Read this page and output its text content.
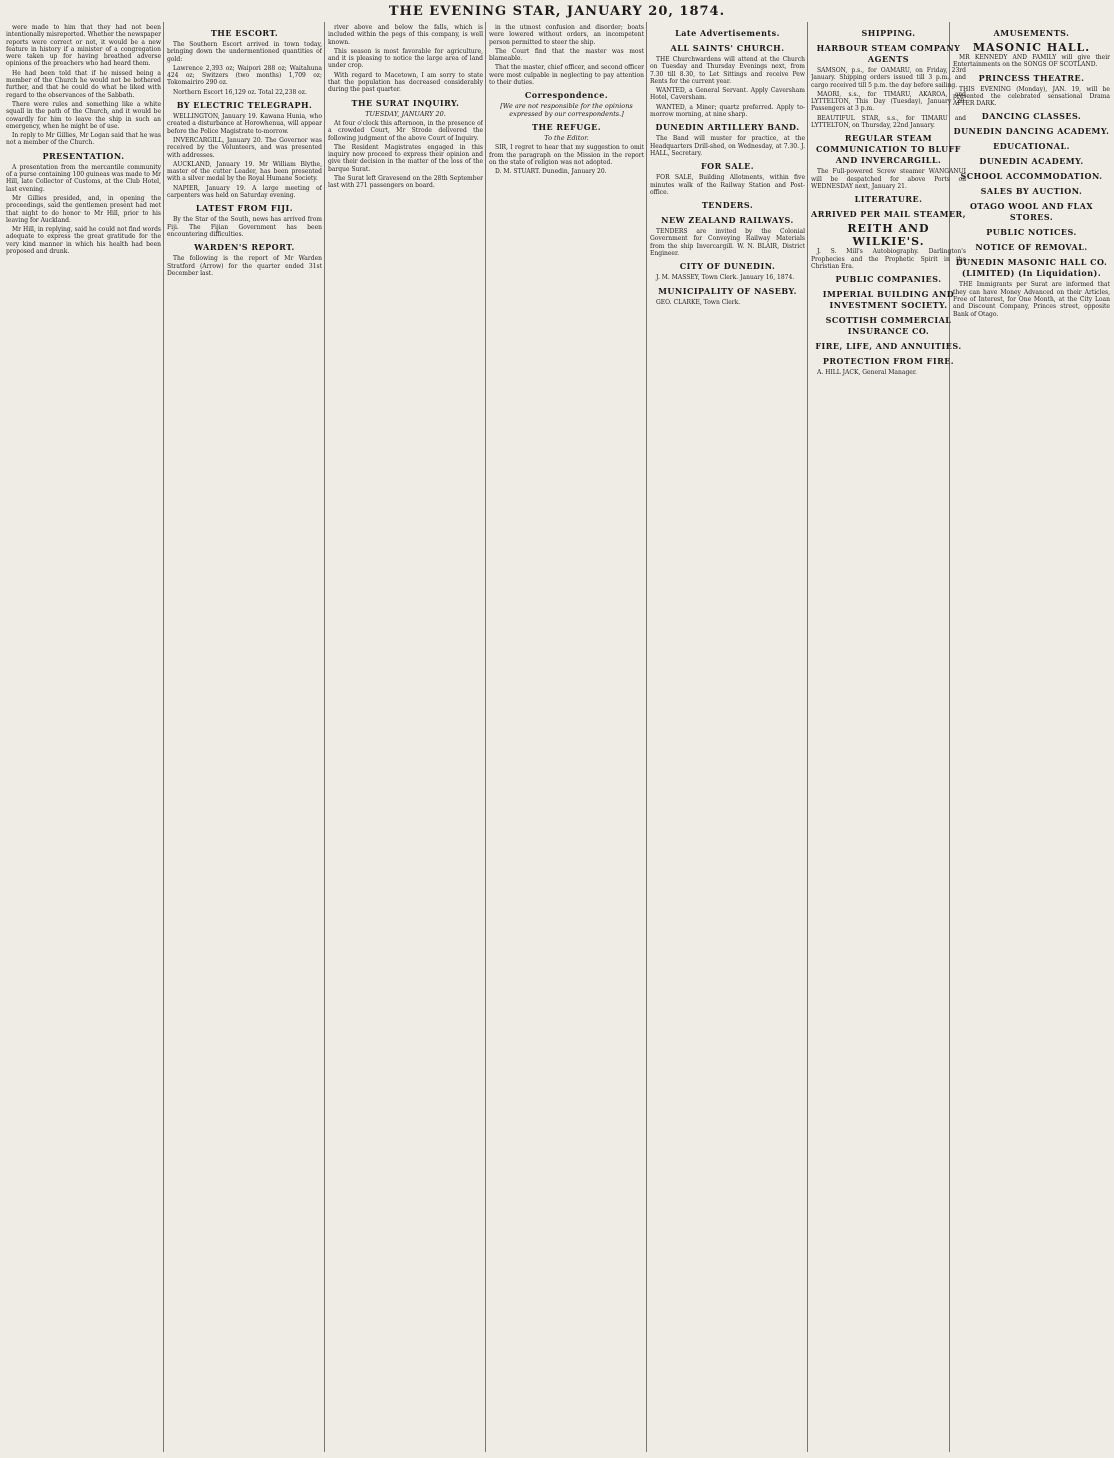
THE EVENING STAR, JANUARY 20, 1874.

were made to him that they had not been intentionally misreported. Whether the newspaper reports were correct or not, it would be a new feature in history if a minister of a congregation were taken up for having breathed adverse opinions of the preachers who had heard them.

He had been told that if he missed being a member of the Church he would not be bothered further, and that he could do what he liked with regard to the observances of the Sabbath.

There were rules and something like a white squall in the path of the Church, and it would be cowardly for him to leave the ship in such an emergency, when he might be of use.

In reply to Mr Gillies, Mr Logan said that he was not a member of the Church.

PRESENTATION.

A presentation from the mercantile community of a purse containing 100 guineas was made to Mr Hill, late Collector of Customs, at the Club Hotel, last evening.

Mr Gillies presided, and, in opening the proceedings, said the gentlemen present had met that night to do honor to Mr Hill, prior to his leaving for Auckland.

Mr Hill, in replying, said he could not find words adequate to express the great gratitude for the very kind manner in which his health had been proposed and drunk.

THE ESCORT.

The Southern Escort arrived in town today, bringing down the undermentioned quantities of gold:

Lawrence 2,393 oz; Waipori 288 oz; Waitahuna 424 oz; Switzers (two months) 1,709 oz; Tokomairiro 290 oz.

Northern Escort 16,129 oz. Total 22,238 oz.

BY ELECTRIC TELEGRAPH.

WELLINGTON, January 19. Kawana Hunia, who created a disturbance at Horowhenua, will appear before the Police Magistrate to-morrow.

INVERCARGILL, January 20. The Governor was received by the Volunteers, and was presented with addresses.

AUCKLAND, January 19. Mr William Blythe, master of the cutter Leader, has been presented with a silver medal by the Royal Humane Society.

NAPIER, January 19. A large meeting of carpenters was held on Saturday evening.

LATEST FROM FIJI.

By the Star of the South, news has arrived from Fiji. The Fijian Government has been encountering difficulties.

WARDEN'S REPORT.

The following is the report of Mr Warden Stratford (Arrow) for the quarter ended 31st December last.

river above and below the falls, which is included within the pegs of this company, is well known.

This season is most favorable for agriculture, and it is pleasing to notice the large area of land under crop.

With regard to Macetown, I am sorry to state that the population has decreased considerably during the past quarter.

THE SURAT INQUIRY.
TUESDAY, JANUARY 20.

At four o'clock this afternoon, in the presence of a crowded Court, Mr Strode delivered the following judgment of the above Court of Inquiry.

The Resident Magistrates engaged in this inquiry now proceed to express their opinion and give their decision in the matter of the loss of the barque Surat.

The Surat left Gravesend on the 28th September last with 271 passengers on board.

in the utmost confusion and disorder; boats were lowered without orders, an incompetent person permitted to steer the ship.

The Court find that the master was most blameable.

That the master, chief officer, and second officer were most culpable in neglecting to pay attention to their duties.

Correspondence.
[We are not responsible for the opinions expressed by our correspondents.]
THE REFUGE.
To the Editor.

SIR, I regret to hear that my suggestion to omit from the paragraph on the Mission in the report on the state of religion was not adopted.

D. M. STUART. Dunedin, January 20.

Late Advertisements.
ALL SAINTS' CHURCH.

THE Churchwardens will attend at the Church on Tuesday and Thursday Evenings next, from 7.30 till 8.30, to Let Sittings and receive Pew Rents for the current year.

WANTED, a General Servant. Apply Caversham Hotel, Caversham.

WANTED, a Miner; quartz preferred. Apply to-morrow morning, at nine sharp.

DUNEDIN ARTILLERY BAND.

The Band will muster for practice, at the Headquarters Drill-shed, on Wednesday, at 7.30. J. HALL, Secretary.

FOR SALE.

FOR SALE, Building Allotments, within five minutes walk of the Railway Station and Post-office.

TENDERS.
NEW ZEALAND RAILWAYS.

TENDERS are invited by the Colonial Government for Conveying Railway Materials from the ship Invercargill. W. N. BLAIR, District Engineer.

CITY OF DUNEDIN.

J. M. MASSEY, Town Clerk. January 16, 1874.

MUNICIPALITY OF NASEBY.

GEO. CLARKE, Town Clerk.

SHIPPING.
HARBOUR STEAM COMPANY AGENTS

SAMSON, p.s., for OAMARU, on Friday, 23rd January. Shipping orders issued till 3 p.m., and cargo received till 5 p.m. the day before sailing.

MAORI, s.s., for TIMARU, AKAROA, and LYTTELTON, This Day (Tuesday), January 20. Passengers at 3 p.m.

BEAUTIFUL STAR, s.s., for TIMARU and LYTTELTON, on Thursday, 22nd January.

REGULAR STEAM COMMUNICATION TO BLUFF AND INVERCARGILL.

The Full-powered Screw steamer WANGANUI will be despatched for above Ports on WEDNESDAY next, January 21.

LITERATURE.
ARRIVED PER MAIL STEAMER,
REITH AND WILKIE'S.

J. S. Mill's Autobiography. Darlington's Prophecies and the Prophetic Spirit in the Christian Era.

PUBLIC COMPANIES.
IMPERIAL BUILDING AND INVESTMENT SOCIETY.
SCOTTISH COMMERCIAL INSURANCE CO.
FIRE, LIFE, AND ANNUITIES.
PROTECTION FROM FIRE.

A. HILL JACK, General Manager.

AMUSEMENTS.
MASONIC HALL.

MR KENNEDY AND FAMILY will give their Entertainments on the SONGS OF SCOTLAND.

PRINCESS THEATRE.

THIS EVENING (Monday), JAN. 19, will be presented the celebrated sensational Drama AFTER DARK.

DANCING CLASSES.
DUNEDIN DANCING ACADEMY.
EDUCATIONAL.
DUNEDIN ACADEMY.
SCHOOL ACCOMMODATION.
SALES BY AUCTION.
OTAGO WOOL AND FLAX STORES.
PUBLIC NOTICES.
NOTICE OF REMOVAL.
DUNEDIN MASONIC HALL CO. (LIMITED) (In Liquidation).

THE Immigrants per Surat are informed that they can have Money Advanced on their Articles, Free of Interest, for One Month, at the City Loan and Discount Company, Princes street, opposite Bank of Otago.
